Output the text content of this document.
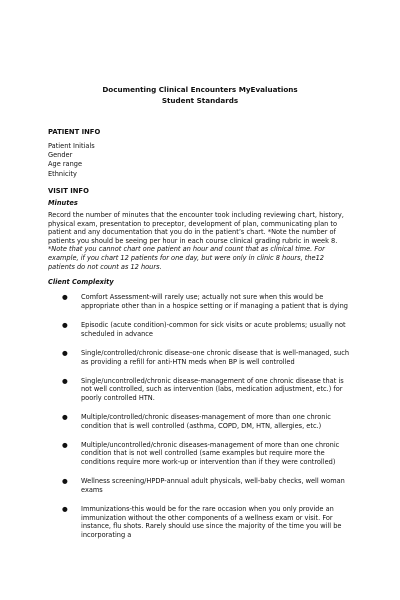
Documenting Clinical Encounters MyEvaluations

Student Standards

PATIENT INFO

Patient Initials

Gender

Age range

Ethnicity

VISIT INFO

Minutes

Record the number of minutes that the encounter took including reviewing chart, history, physical exam, presentation to preceptor, development of plan, communicating plan to patient and any documentation that you do in the patient’s chart. *Note the number of patients you should be seeing per hour in each course clinical grading rubric in week 8. *Note that you cannot chart one patient an hour and count that as clinical time. For example, if you chart 12 patients for one day, but were only in clinic 8 hours, the12 patients do not count as 12 hours.

Client Complexity

● Comfort Assessment-will rarely use; actually not sure when this would be appropriate other than in a hospice setting or if managing a patient that is dying
● Episodic (acute condition)-common for sick visits or acute problems; usually not scheduled in advance
● Single/controlled/chronic disease-one chronic disease that is well-managed, such as providing a refill for anti-HTN meds when BP is well controlled
● Single/uncontrolled/chronic disease-management of one chronic disease that is not well controlled, such as intervention (labs, medication adjustment, etc.) for poorly controlled HTN.
● Multiple/controlled/chronic diseases-management of more than one chronic condition that is well controlled (asthma, COPD, DM, HTN, allergies, etc.)
● Multiple/uncontrolled/chronic diseases-management of more than one chronic condition that is not well controlled (same examples but require more the conditions require more work-up or intervention than if they were controlled)
● Wellness screening/HPDP-annual adult physicals, well-baby checks, well woman exams
● Immunizations-this would be for the rare occasion when you only provide an immunization without the other components of a wellness exam or visit. For instance, flu shots. Rarely should use since the majority of the time you will be incorporating a
